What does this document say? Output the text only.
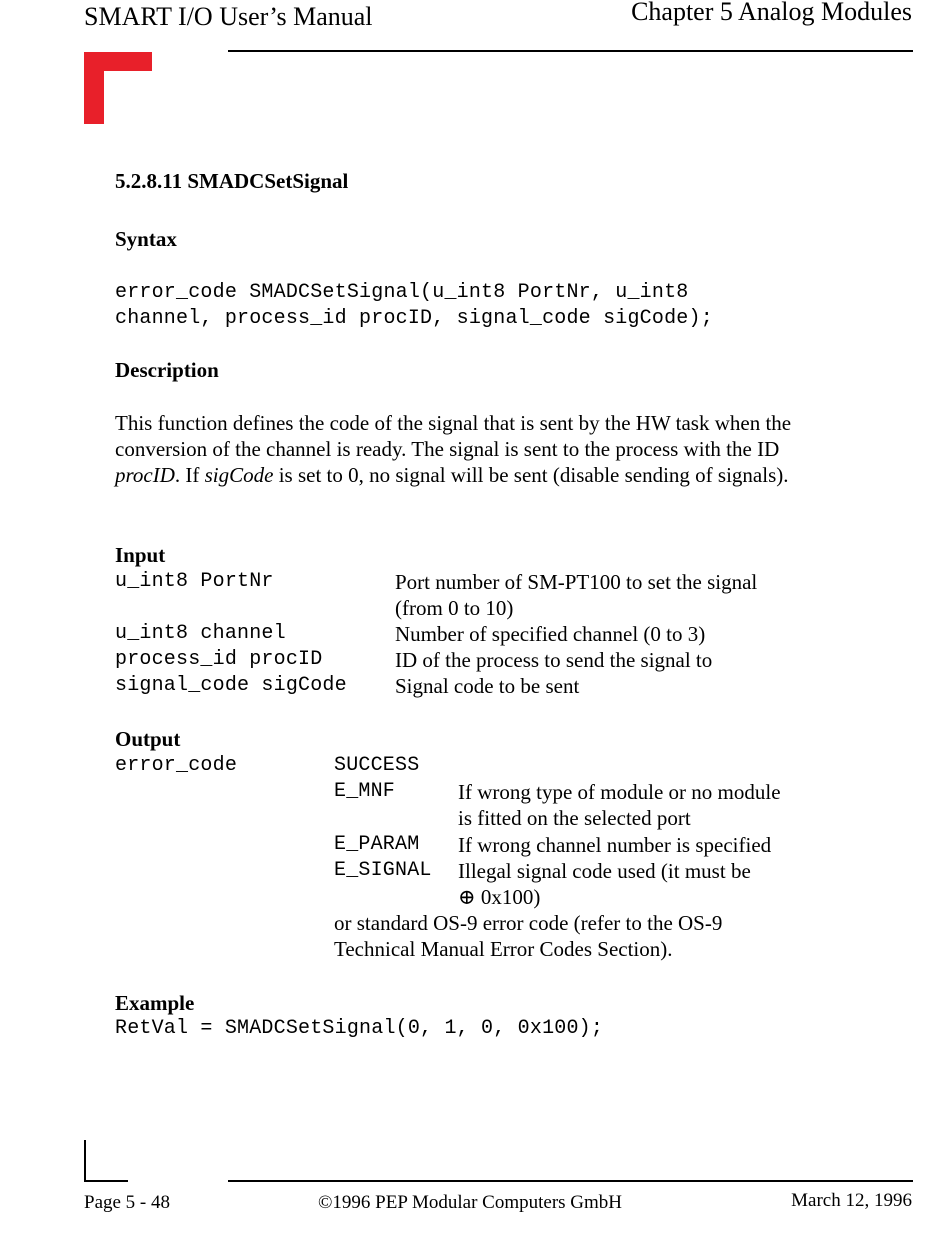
SMART I/O User’s Manual	Chapter 5 Analog Modules
5.2.8.11 SMADCSetSignal
Syntax
error_code SMADCSetSignal(u_int8 PortNr, u_int8
channel, process_id procID, signal_code sigCode);
Description
This function defines the code of the signal that is sent by the HW task when the conversion of the channel is ready. The signal is sent to the process with the ID procID. If sigCode is set to 0, no signal will be sent (disable sending of signals).
Input
u_int8 PortNr	Port number of SM-PT100 to set the signal
(from 0 to 10)
u_int8 channel	Number of specified channel (0 to 3)
process_id procID	ID of the process to send the signal to
signal_code sigCode Signal code to be sent
Output
error_code	SUCCESS
E_MNF	If wrong type of module or no module
is fitted on the selected port
E_PARAM If wrong channel number is specified
E_SIGNAL Illegal signal code used (it must be
⊕ 0x100)
or standard OS-9 error code (refer to the OS-9
Technical Manual Error Codes Section).
Example
RetVal = SMADCSetSignal(0, 1, 0, 0x100);
Page 5 - 48	©1996 PEP Modular Computers GmbH	March 12, 1996
